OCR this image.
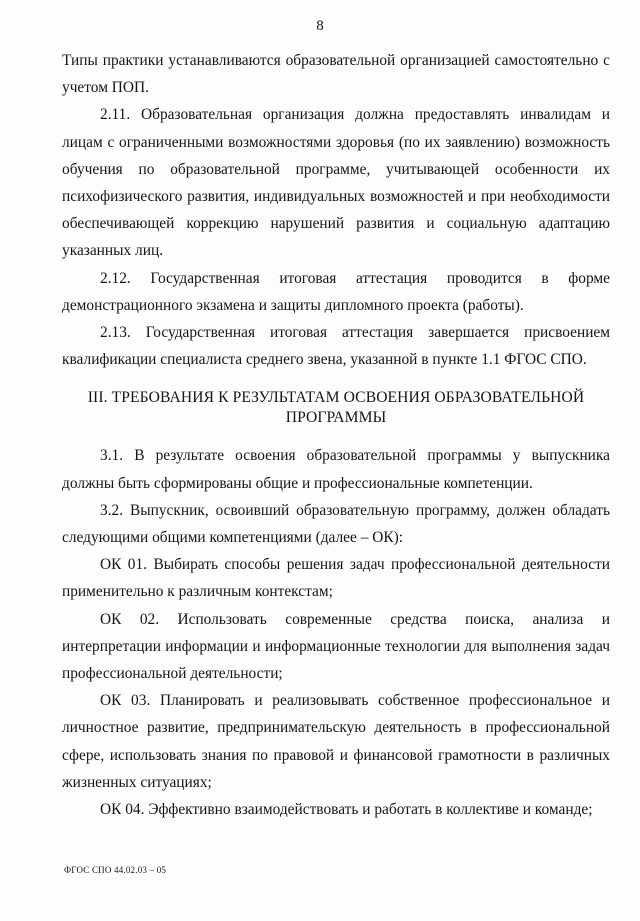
8

Типы практики устанавливаются образовательной организацией самостоятельно с учетом ПОП.

2.11. Образовательная организация должна предоставлять инвалидам и лицам с ограниченными возможностями здоровья (по их заявлению) возможность обучения по образовательной программе, учитывающей особенности их психофизического развития, индивидуальных возможностей и при необходимости обеспечивающей коррекцию нарушений развития и социальную адаптацию указанных лиц.

2.12. Государственная итоговая аттестация проводится в форме демонстрационного экзамена и защиты дипломного проекта (работы).

2.13. Государственная итоговая аттестация завершается присвоением квалификации специалиста среднего звена, указанной в пункте 1.1 ФГОС СПО.

III. ТРЕБОВАНИЯ К РЕЗУЛЬТАТАМ ОСВОЕНИЯ ОБРАЗОВАТЕЛЬНОЙ ПРОГРАММЫ

3.1. В результате освоения образовательной программы у выпускника должны быть сформированы общие и профессиональные компетенции.

3.2. Выпускник, освоивший образовательную программу, должен обладать следующими общими компетенциями (далее – ОК):

ОК 01. Выбирать способы решения задач профессиональной деятельности применительно к различным контекстам;

ОК 02. Использовать современные средства поиска, анализа и интерпретации информации и информационные технологии для выполнения задач профессиональной деятельности;

ОК 03. Планировать и реализовывать собственное профессиональное и личностное развитие, предпринимательскую деятельность в профессиональной сфере, использовать знания по правовой и финансовой грамотности в различных жизненных ситуациях;

ОК 04. Эффективно взаимодействовать и работать в коллективе и команде;

ФГОС СПО 44.02.03 – 05
